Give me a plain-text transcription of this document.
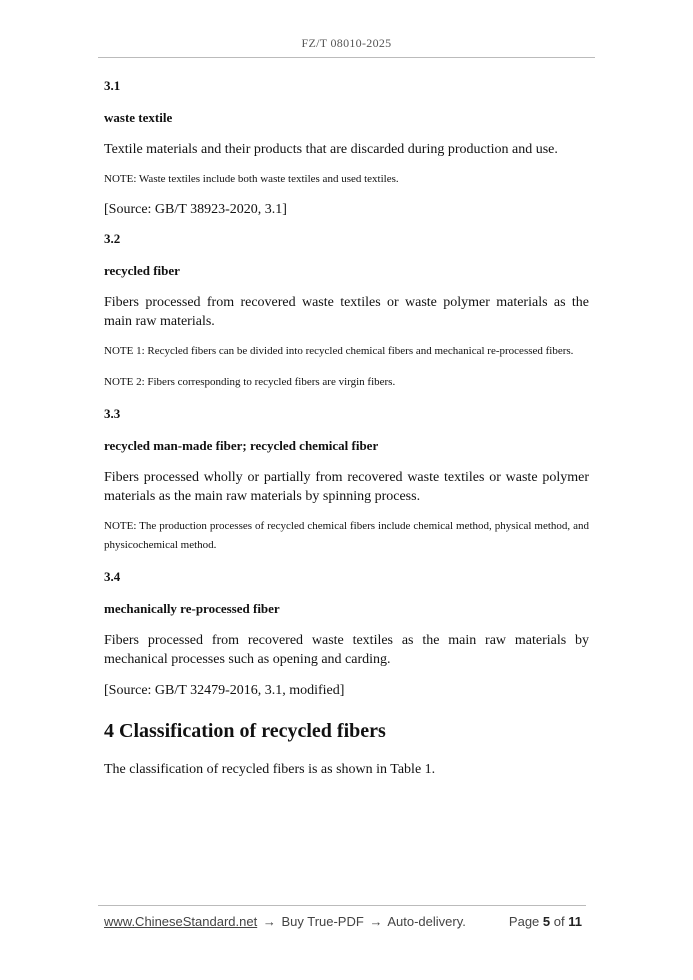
FZ/T 08010-2025

3.1

waste textile

Textile materials and their products that are discarded during production and use.

NOTE: Waste textiles include both waste textiles and used textiles.

[Source: GB/T 38923-2020, 3.1]

3.2

recycled fiber

Fibers processed from recovered waste textiles or waste polymer materials as the main raw materials.

NOTE 1: Recycled fibers can be divided into recycled chemical fibers and mechanical re-processed fibers.

NOTE 2: Fibers corresponding to recycled fibers are virgin fibers.

3.3

recycled man-made fiber; recycled chemical fiber

Fibers processed wholly or partially from recovered waste textiles or waste polymer materials as the main raw materials by spinning process.

NOTE: The production processes of recycled chemical fibers include chemical method, physical method, and physicochemical method.

3.4

mechanically re-processed fiber

Fibers processed from recovered waste textiles as the main raw materials by mechanical processes such as opening and carding.

[Source: GB/T 32479-2016, 3.1, modified]

4 Classification of recycled fibers

The classification of recycled fibers is as shown in Table 1.

www.ChineseStandard.net → Buy True-PDF → Auto-delivery.	Page 5 of 11
